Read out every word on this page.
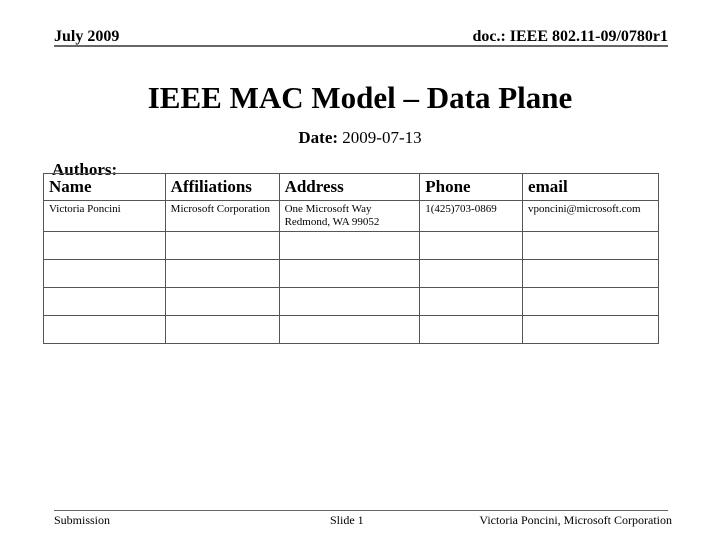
July 2009	doc.: IEEE 802.11-09/0780r1
IEEE MAC Model – Data Plane
Date: 2009-07-13
Authors:
Name	Affiliations	Address	Phone	email
Victoria Poncini	Microsoft Corporation	One Microsoft Way Redmond, WA 99052	1(425)703-0869	vponcini@microsoft.com

Submission	Slide 1	Victoria Poncini, Microsoft Corporation
